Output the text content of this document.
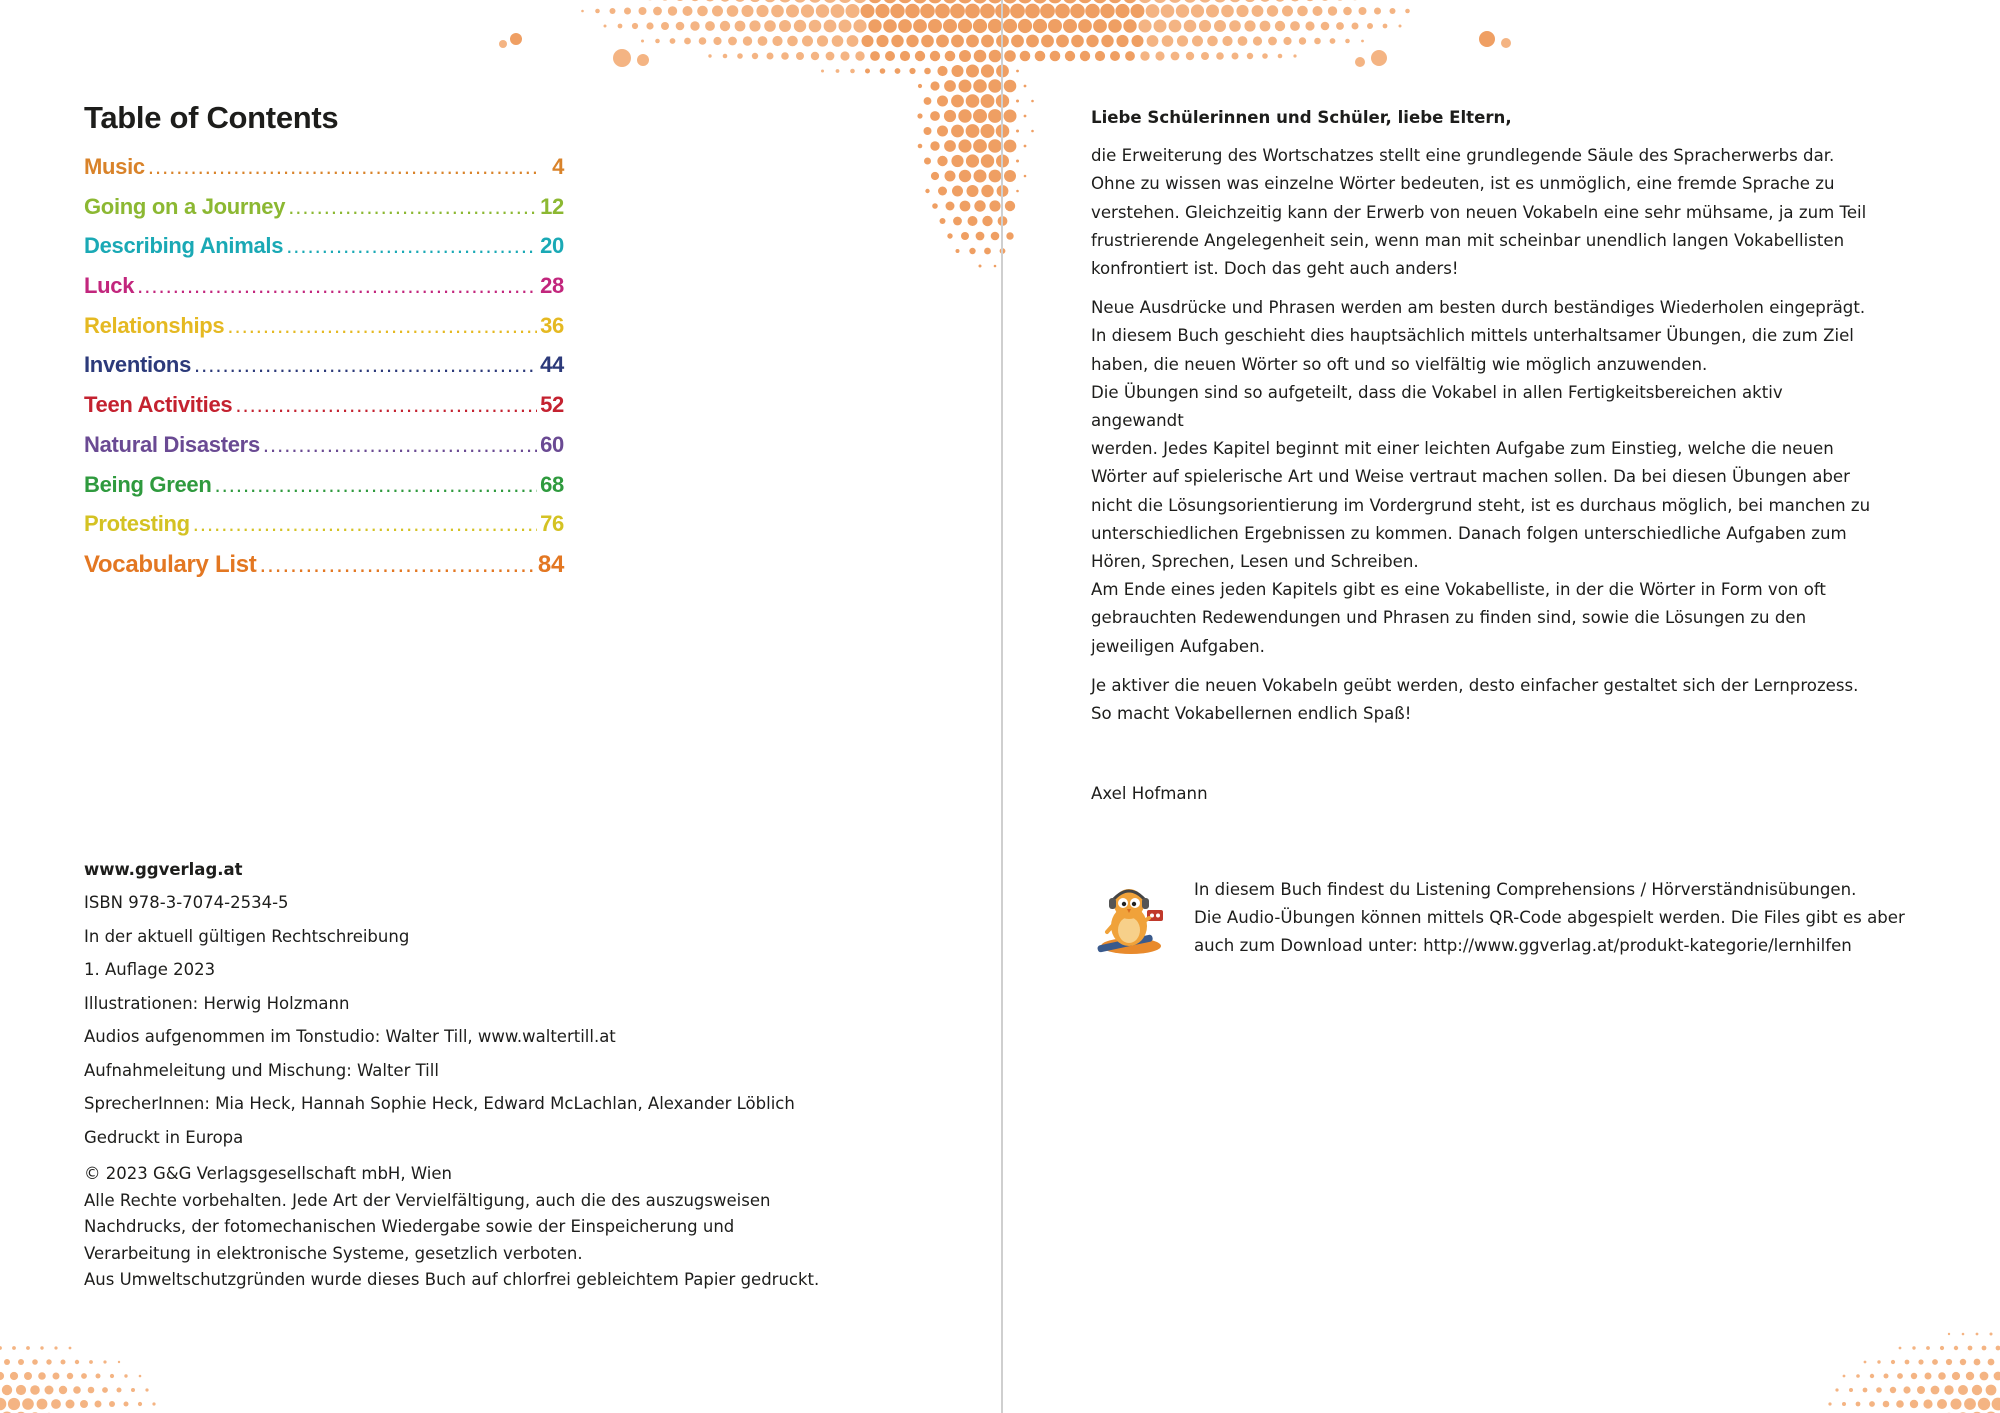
Table of Contents
Music .....	4
Going on a Journey .....	12
Describing Animals .....	20
Luck .....	28
Relationships .....	36
Inventions .....	44
Teen Activities .....	52
Natural Disasters .....	60
Being Green .....	68
Protesting .....	76
Vocabulary List .....	84
www.ggverlag.at
ISBN 978-3-7074-2534-5
In der aktuell gültigen Rechtschreibung
1. Auflage 2023
Illustrationen: Herwig Holzmann
Audios aufgenommen im Tonstudio: Walter Till, www.waltertill.at
Aufnahmeleitung und Mischung: Walter Till
SprecherInnen: Mia Heck, Hannah Sophie Heck, Edward McLachlan, Alexander Löblich
Gedruckt in Europa
© 2023 G&G Verlagsgesellschaft mbH, Wien
Alle Rechte vorbehalten. Jede Art der Vervielfältigung, auch die des auszugsweisen
Nachdrucks, der fotomechanischen Wiedergabe sowie der Einspeicherung und
Verarbeitung in elektronische Systeme, gesetzlich verboten.
Aus Umweltschutzgründen wurde dieses Buch auf chlorfrei gebleichtem Papier gedruckt.
Liebe Schülerinnen und Schüler, liebe Eltern,

die Erweiterung des Wortschatzes stellt eine grundlegende Säule des Spracherwerbs dar.
Ohne zu wissen was einzelne Wörter bedeuten, ist es unmöglich, eine fremde Sprache zu
verstehen. Gleichzeitig kann der Erwerb von neuen Vokabeln eine sehr mühsame, ja zum Teil
frustrierende Angelegenheit sein, wenn man mit scheinbar unendlich langen Vokabellisten
konfrontiert ist. Doch das geht auch anders!

Neue Ausdrücke und Phrasen werden am besten durch beständiges Wiederholen eingeprägt.
In diesem Buch geschieht dies hauptsächlich mittels unterhaltsamer Übungen, die zum Ziel
haben, die neuen Wörter so oft und so vielfältig wie möglich anzuwenden.
Die Übungen sind so aufgeteilt, dass die Vokabel in allen Fertigkeitsbereichen aktiv angewandt
werden. Jedes Kapitel beginnt mit einer leichten Aufgabe zum Einstieg, welche die neuen
Wörter auf spielerische Art und Weise vertraut machen sollen. Da bei diesen Übungen aber
nicht die Lösungsorientierung im Vordergrund steht, ist es durchaus möglich, bei manchen zu
unterschiedlichen Ergebnissen zu kommen. Danach folgen unterschiedliche Aufgaben zum
Hören, Sprechen, Lesen und Schreiben.
Am Ende eines jeden Kapitels gibt es eine Vokabelliste, in der die Wörter in Form von oft
gebrauchten Redewendungen und Phrasen zu finden sind, sowie die Lösungen zu den
jeweiligen Aufgaben.

Je aktiver die neuen Vokabeln geübt werden, desto einfacher gestaltet sich der Lernprozess.
So macht Vokabellernen endlich Spaß!

Axel Hofmann
In diesem Buch findest du Listening Comprehensions / Hörverständnisübungen.
Die Audio-Übungen können mittels QR-Code abgespielt werden. Die Files gibt es aber
auch zum Download unter: http://www.ggverlag.at/produkt-kategorie/lernhilfen
